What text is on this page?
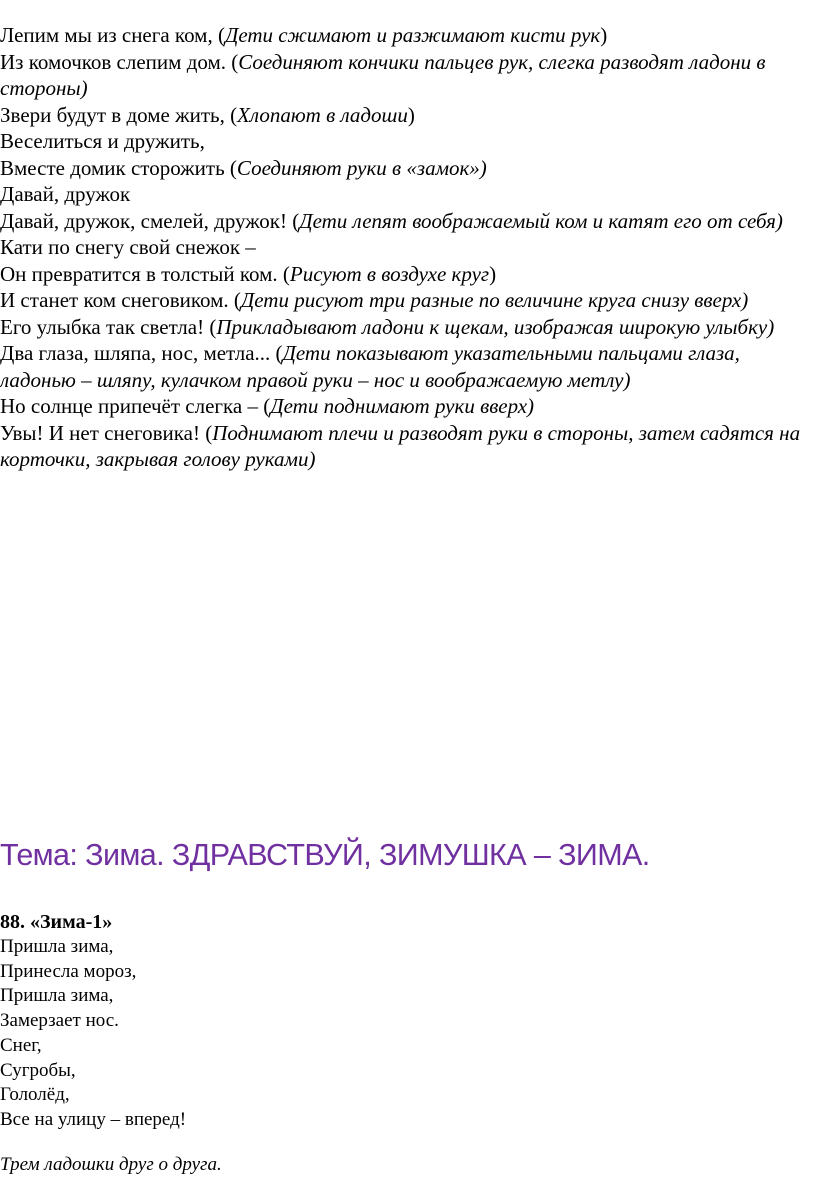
Лепим мы из снега ком, (Дети сжимают и разжимают кисти рук)

Из комочков слепим дом. (Соединяют кончики пальцев рук, слегка разводят ладони в стороны)

Звери будут в доме жить, (Хлопают в ладоши)

Веселиться и дружить,

Вместе домик сторожить (Соединяют руки в «замок»)

Давай, дружок

Давай, дружок, смелей, дружок! (Дети лепят воображаемый ком и катят его от себя)

Кати по снегу свой снежок –

Он превратится в толстый ком. (Рисуют в воздухе круг)

И станет ком снеговиком. (Дети рисуют три разные по величине круга снизу вверх)

Его улыбка так светла! (Прикладывают ладони к щекам, изображая широкую улыбку)

Два глаза, шляпа, нос, метла... (Дети показывают указательными пальцами глаза, ладонью – шляпу, кулачком правой руки – нос и воображаемую метлу)

Но солнце припечёт слегка – (Дети поднимают руки вверх)

Увы! И нет снеговика! (Поднимают плечи и разводят руки в стороны, затем садятся на корточки, закрывая голову руками)

Тема: Зима. ЗДРАВСТВУЙ, ЗИМУШКА – ЗИМА.

88. «Зима-1»

Пришла зима,
Принесла мороз,
Пришла зима,
Замерзает нос.
Снег,
Сугробы,
Гололёд,
Все на улицу – вперед!

Трем ладошки друг о друга.
